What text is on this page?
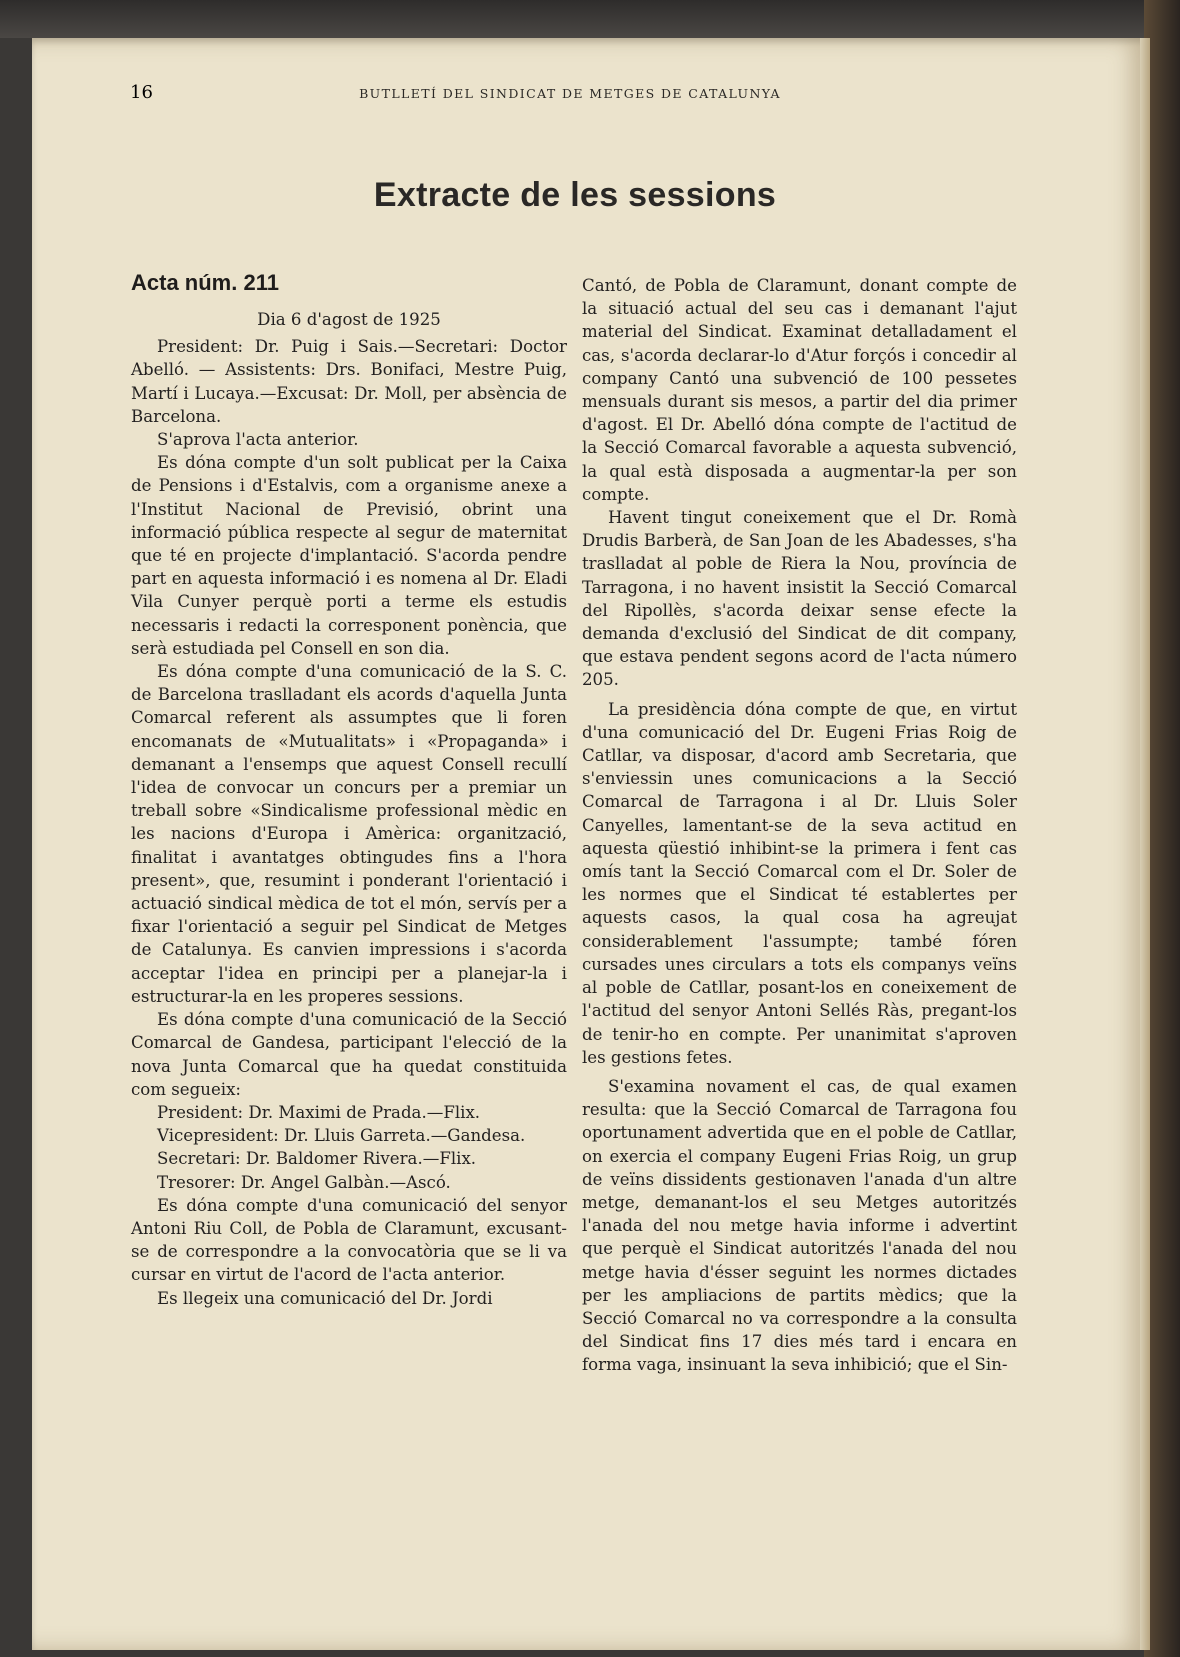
16	BUTLLETÍ DEL SINDICAT DE METGES DE CATALUNYA
Extracte de les sessions

Acta núm. 211

Dia 6 d'agost de 1925

President: Dr. Puig i Sais.—Secretari: Doctor Abelló. — Assistents: Drs. Bonifaci, Mestre Puig, Martí i Lucaya.—Excusat: Dr. Moll, per absència de Barcelona.

S'aprova l'acta anterior.

Es dóna compte d'un solt publicat per la Caixa de Pensions i d'Estalvis, com a organisme anexe a l'Institut Nacional de Previsió, obrint una informació pública respecte al segur de maternitat que té en projecte d'implantació. S'acorda pendre part en aquesta informació i es nomena al Dr. Eladi Vila Cunyer perquè porti a terme els estudis necessaris i redacti la corresponent ponència, que serà estudiada pel Consell en son dia.

Es dóna compte d'una comunicació de la S. C. de Barcelona traslladant els acords d'aquella Junta Comarcal referent als assumptes que li foren encomanats de «Mutualitats» i «Propaganda» i demanant a l'ensemps que aquest Consell recullí l'idea de convocar un concurs per a premiar un treball sobre «Sindicalisme professional mèdic en les nacions d'Europa i Amèrica: organització, finalitat i avantatges obtingudes fins a l'hora present», que, resumint i ponderant l'orientació i actuació sindical mèdica de tot el món, servís per a fixar l'orientació a seguir pel Sindicat de Metges de Catalunya. Es canvien impressions i s'acorda acceptar l'idea en principi per a planejar-la i estructurar-la en les properes sessions.

Es dóna compte d'una comunicació de la Secció Comarcal de Gandesa, participant l'elecció de la nova Junta Comarcal que ha quedat constituida com segueix:

President: Dr. Maximi de Prada.—Flix.

Vicepresident: Dr. Lluis Garreta.—Gandesa.

Secretari: Dr. Baldomer Rivera.—Flix.

Tresorer: Dr. Angel Galbàn.—Ascó.

Es dóna compte d'una comunicació del senyor Antoni Riu Coll, de Pobla de Claramunt, excusant-se de correspondre a la convocatòria que se li va cursar en virtut de l'acord de l'acta anterior.

Es llegeix una comunicació del Dr. Jordi

Cantó, de Pobla de Claramunt, donant compte de la situació actual del seu cas i demanant l'ajut material del Sindicat. Examinat detalladament el cas, s'acorda declarar-lo d'Atur forçós i concedir al company Cantó una subvenció de 100 pessetes mensuals durant sis mesos, a partir del dia primer d'agost. El Dr. Abelló dóna compte de l'actitud de la Secció Comarcal favorable a aquesta subvenció, la qual està disposada a augmentar-la per son compte.

Havent tingut coneixement que el Dr. Romà Drudis Barberà, de San Joan de les Abadesses, s'ha traslladat al poble de Riera la Nou, província de Tarragona, i no havent insistit la Secció Comarcal del Ripollès, s'acorda deixar sense efecte la demanda d'exclusió del Sindicat de dit company, que estava pendent segons acord de l'acta número 205.

La presidència dóna compte de que, en virtut d'una comunicació del Dr. Eugeni Frias Roig de Catllar, va disposar, d'acord amb Secretaria, que s'enviessin unes comunicacions a la Secció Comarcal de Tarragona i al Dr. Lluis Soler Canyelles, lamentant-se de la seva actitud en aquesta qüestió inhibint-se la primera i fent cas omís tant la Secció Comarcal com el Dr. Soler de les normes que el Sindicat té establertes per aquests casos, la qual cosa ha agreujat considerablement l'assumpte; també fóren cursades unes circulars a tots els companys veïns al poble de Catllar, posant-los en coneixement de l'actitud del senyor Antoni Sellés Ràs, pregant-los de tenir-ho en compte. Per unanimitat s'aproven les gestions fetes.

S'examina novament el cas, de qual examen resulta: que la Secció Comarcal de Tarragona fou oportunament advertida que en el poble de Catllar, on exercia el company Eugeni Frias Roig, un grup de veïns dissidents gestionaven l'anada d'un altre metge, demanant-los el seu Metges autoritzés l'anada del nou metge havia informe i advertint que perquè el Sindicat autoritzés l'anada del nou metge havia d'ésser seguint les normes dictades per les ampliacions de partits mèdics; que la Secció Comarcal no va correspondre a la consulta del Sindicat fins 17 dies més tard i encara en forma vaga, insinuant la seva inhibició; que el Sin-
